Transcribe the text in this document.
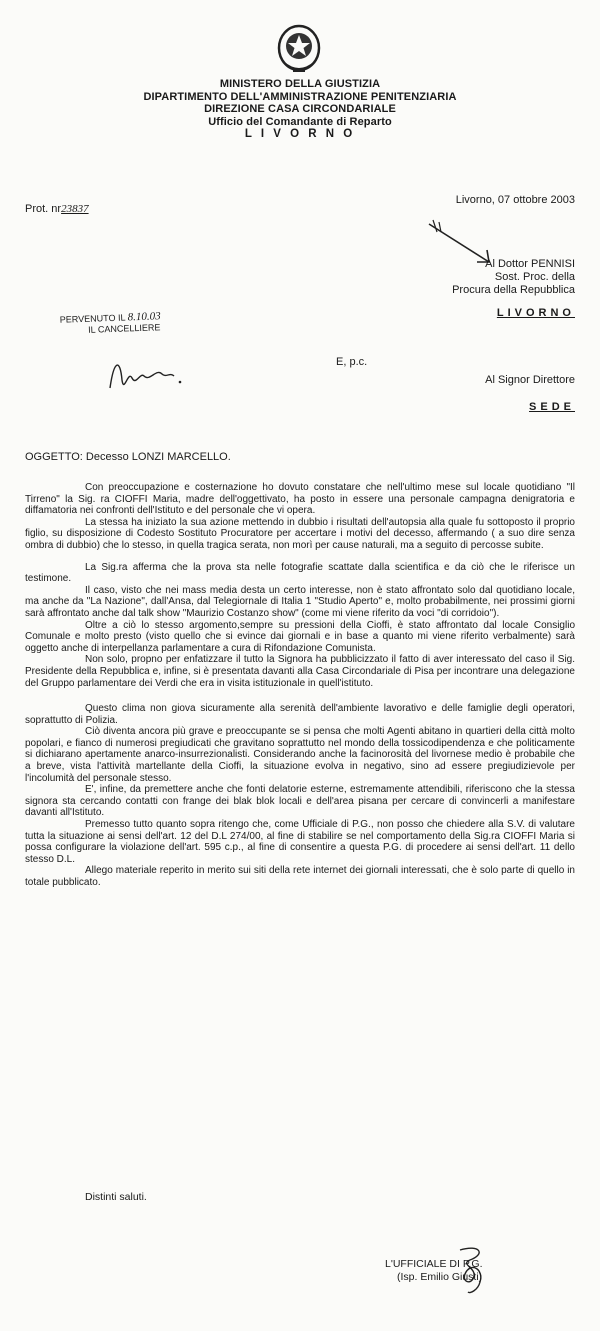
MINISTERO DELLA GIUSTIZIA
DIPARTIMENTO DELL'AMMINISTRAZIONE PENITENZIARIA
DIREZIONE CASA CIRCONDARIALE
Ufficio del Comandante di Reparto
L I V O R N O
Prot. nr23837
Livorno, 07 ottobre 2003
Al Dottor PENNISI
Sost. Proc. della
Procura della Repubblica
LIVORNO
E, p.c.
Al Signor Direttore
SEDE
PERVENUTO IL 8.10.03
IL CANCELLIERE
OGGETTO: Decesso LONZI MARCELLO.

Con preoccupazione e costernazione ho dovuto constatare che nell'ultimo mese sul locale quotidiano "Il Tirreno" la Sig. ra CIOFFI Maria, madre dell'oggettivato, ha posto in essere una personale campagna denigratoria e diffamatoria nei confronti dell'Istituto e del personale che vi opera.

La stessa ha iniziato la sua azione mettendo in dubbio i risultati dell'autopsia alla quale fu sottoposto il proprio figlio, su disposizione di Codesto Sostituto Procuratore per accertare i motivi del decesso, affermando ( a suo dire senza ombra di dubbio) che lo stesso, in quella tragica serata, non morì per cause naturali, ma a seguito di percosse subite.

La Sig.ra afferma che la prova sta nelle fotografie scattate dalla scientifica e da ciò che le riferisce un testimone.

Il caso, visto che nei mass media desta un certo interesse, non è stato affrontato solo dal quotidiano locale, ma anche da "La Nazione", dall'Ansa, dal Telegiornale di Italia 1 "Studio Aperto" e, molto probabilmente, nei prossimi giorni sarà affrontato anche dal talk show "Maurizio Costanzo show" (come mi viene riferito da voci "di corridoio").

Oltre a ciò lo stesso argomento,sempre su pressioni della Cioffi, è stato affrontato dal locale Consiglio Comunale e molto presto (visto quello che si evince dai giornali e in base a quanto mi viene riferito verbalmente) sarà oggetto anche di interpellanza parlamentare a cura di Rifondazione Comunista.

Non solo, propno per enfatizzare il tutto la Signora ha pubblicizzato il fatto di aver interessato del caso il Sig. Presidente della Repubblica e, infine, si è presentata davanti alla Casa Circondariale di Pisa per incontrare una delegazione del Gruppo parlamentare dei Verdi che era in visita istituzionale in quell'istituto.

Questo clima non giova sicuramente alla serenità dell'ambiente lavorativo e delle famiglie degli operatori, soprattutto di Polizia.

Ciò diventa ancora più grave e preoccupante se si pensa che molti Agenti abitano in quartieri della città molto popolari, e fianco di numerosi pregiudicati che gravitano soprattutto nel mondo della tossicodipendenza e che politicamente si dichiarano apertamente anarco-insurrezionalisti. Considerando anche la facinorosità del livornese medio è probabile che a breve, vista l'attività martellante della Cioffi, la situazione evolva in negativo, sino ad essere pregiudizievole per l'incolumità del personale stesso.

E', infine, da premettere anche che fonti delatorie esterne, estremamente attendibili, riferiscono che la stessa signora sta cercando contatti con frange dei blak blok locali e dell'area pisana per cercare di convincerli a manifestare davanti all'Istituto.

Premesso tutto quanto sopra ritengo che, come Ufficiale di P.G., non posso che chiedere alla S.V. di valutare tutta la situazione ai sensi dell'art. 12 del D.L 274/00, al fine di stabilire se nel comportamento della Sig.ra CIOFFI Maria si possa configurare la violazione dell'art. 595 c.p., al fine di consentire a questa P.G. di procedere ai sensi dell'art. 11 dello stesso D.L.

Allego materiale reperito in merito sui siti della rete internet dei giornali interessati, che è solo parte di quello in totale pubblicato.

Distinti saluti.
L'UFFICIALE DI P.G.
(Isp. Emilio Giusti)
